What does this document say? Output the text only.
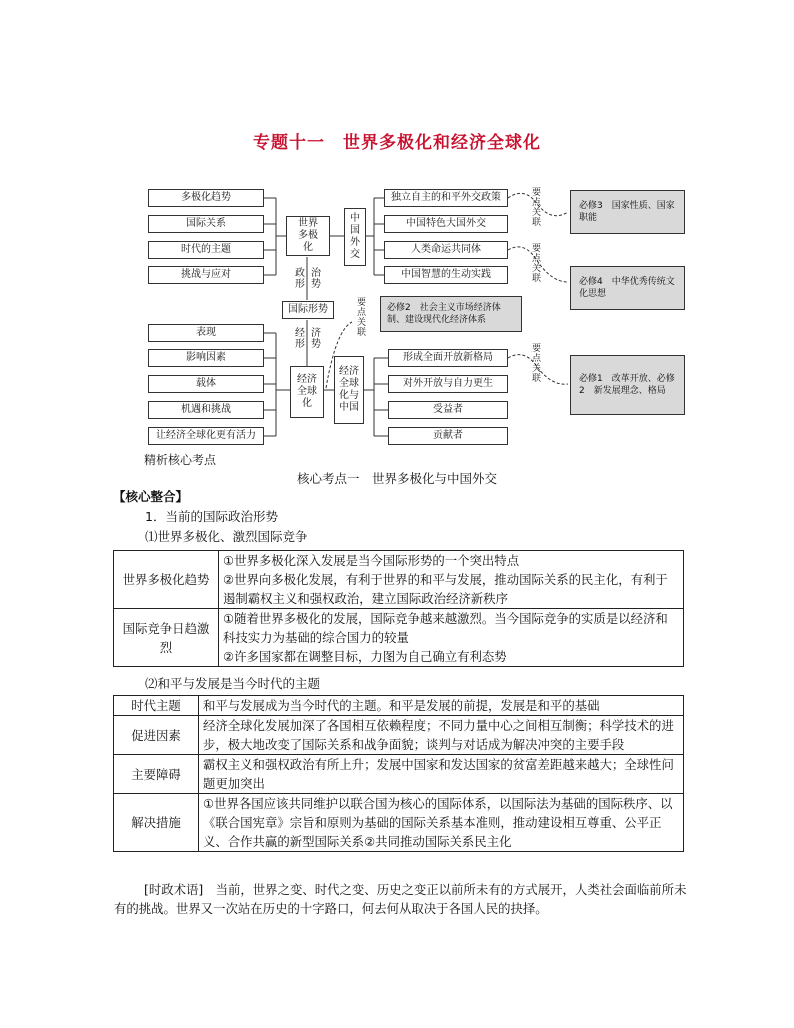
专题十一　世界多极化和经济全球化
多极化趋势
国际关系
时代的主题
挑战与应对
世界多极化
政形
治势
国际形势
经形
济势
经济全球化
中国外交
经济全球化与中国
独立自主的和平外交政策
中国特色大国外交
人类命运共同体
中国智慧的生动实践
表现
影响因素
载体
机遇和挑战
让经济全球化更有活力
形成全面开放新格局
对外开放与自力更生
受益者
贡献者
要点关联
要点关联
要点关联
要点关联
必修3　国家性质、国家职能
必修4　中华优秀传统文化思想
必修2　社会主义市场经济体制、建设现代化经济体系
必修1　改革开放、必修2　新发展理念、格局
精析核心考点
核心考点一　世界多极化与中国外交
【核心整合】
1．当前的国际政治形势
⑴世界多极化、激烈国际竞争
世界多极化趋势	①世界多极化深入发展是当今国际形势的一个突出特点
②世界向多极化发展，有利于世界的和平与发展，推动国际关系的民主化，有利于遏制霸权主义和强权政治，建立国际政治经济新秩序

国际竞争日趋激烈	①随着世界多极化的发展，国际竞争越来越激烈。当今国际竞争的实质是以经济和科技实力为基础的综合国力的较量
②许多国家都在调整目标，力图为自己确立有利态势
⑵和平与发展是当今时代的主题
时代主题	和平与发展成为当今时代的主题。和平是发展的前提，发展是和平的基础
促进因素	经济全球化发展加深了各国相互依赖程度；不同力量中心之间相互制衡；科学技术的进步，极大地改变了国际关系和战争面貌；谈判与对话成为解决冲突的主要手段
主要障碍	霸权主义和强权政治有所上升；发展中国家和发达国家的贫富差距越来越大；全球性问题更加突出
解决措施	①世界各国应该共同维护以联合国为核心的国际体系，以国际法为基础的国际秩序、以《联合国宪章》宗旨和原则为基础的国际关系基本准则，推动建设相互尊重、公平正义、合作共赢的新型国际关系②共同推动国际关系民主化
[时政术语]　当前，世界之变、时代之变、历史之变正以前所未有的方式展开，人类社会面临前所未有的挑战。世界又一次站在历史的十字路口，何去何从取决于各国人民的抉择。
